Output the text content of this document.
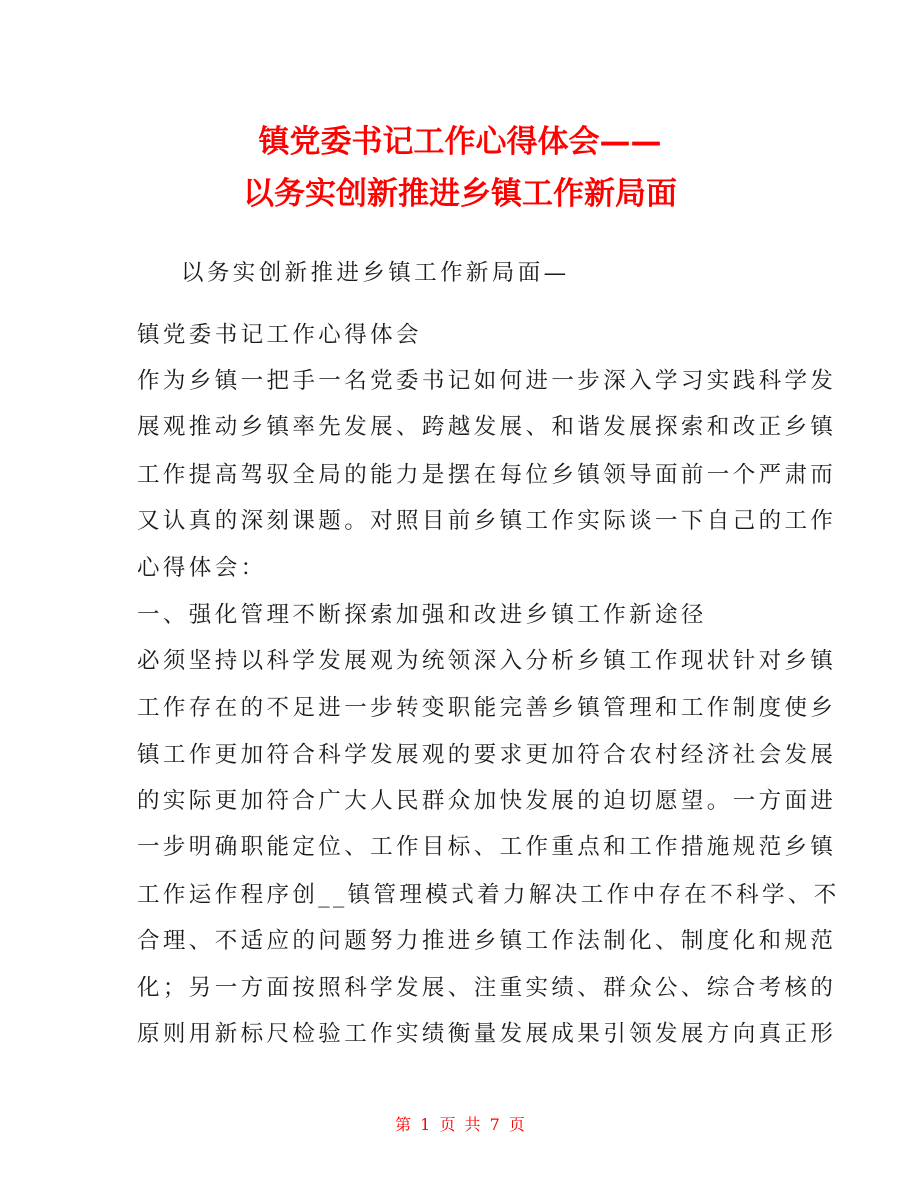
镇党委书记工作心得体会——
以务实创新推进乡镇工作新局面
以务实创新推进乡镇工作新局面—
镇党委书记工作心得体会
作为乡镇一把手一名党委书记如何进一步深入学习实践科学发
展观推动乡镇率先发展、跨越发展、和谐发展探索和改正乡镇
工作提高驾驭全局的能力是摆在每位乡镇领导面前一个严肃而
又认真的深刻课题。对照目前乡镇工作实际谈一下自己的工作
心得体会：
一、强化管理不断探索加强和改进乡镇工作新途径
必须坚持以科学发展观为统领深入分析乡镇工作现状针对乡镇
工作存在的不足进一步转变职能完善乡镇管理和工作制度使乡
镇工作更加符合科学发展观的要求更加符合农村经济社会发展
的实际更加符合广大人民群众加快发展的迫切愿望。一方面进
一步明确职能定位、工作目标、工作重点和工作措施规范乡镇
工作运作程序创__镇管理模式着力解决工作中存在不科学、不
合理、不适应的问题努力推进乡镇工作法制化、制度化和规范
化；另一方面按照科学发展、注重实绩、群众公、综合考核的
原则用新标尺检验工作实绩衡量发展成果引领发展方向真正形
第 1 页 共 7 页
